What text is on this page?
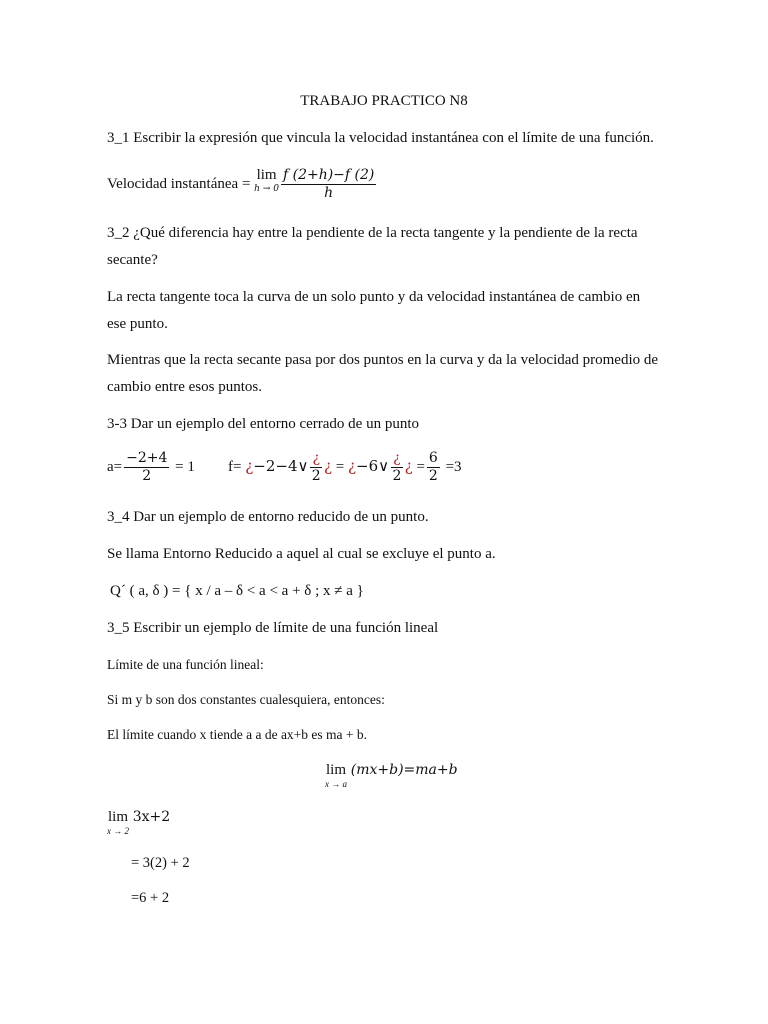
TRABAJO PRACTICO N8
3_1 Escribir la expresión que vincula la velocidad instantánea con el límite de una función.
Velocidad instantánea = lim
$h \to 0 \frac{f (2+h)-f (2)}{h}$
3_2 ¿Qué diferencia hay entre la pendiente de la recta tangente y la pendiente de la recta
secante?
La recta tangente toca la curva de un solo punto y da velocidad instantánea de cambio en
ese punto.
Mientras que la recta secante pasa por dos puntos en la curva y da la velocidad promedio de
cambio entre esos puntos.
3-3 Dar un ejemplo del entorno cerrado de un punto
$a= \frac{-2+4}{2} = 1$ f= ¿−2−4∨ $\frac{¿}{2}$ ¿ = ¿−6∨ $\frac{¿}{2}$ ¿ = $\frac{6}{2} =3$
3_4 Dar un ejemplo de entorno reducido de un punto.
Se llama Entorno Reducido a aquel al cual se excluye el punto a.
Q´ ( a, δ ) = { x / a – δ < a < a + δ ; x ≠ a }
3_5 Escribir un ejemplo de límite de una función lineal
Límite de una función lineal:
Si m y b son dos constantes cualesquiera, entonces:
El límite cuando x tiende a a de ax+b es ma + b.
lim
x → a
(mx+b)=ma+b
lim
x → 2
3x+2
= 3(2) + 2
=6 + 2
